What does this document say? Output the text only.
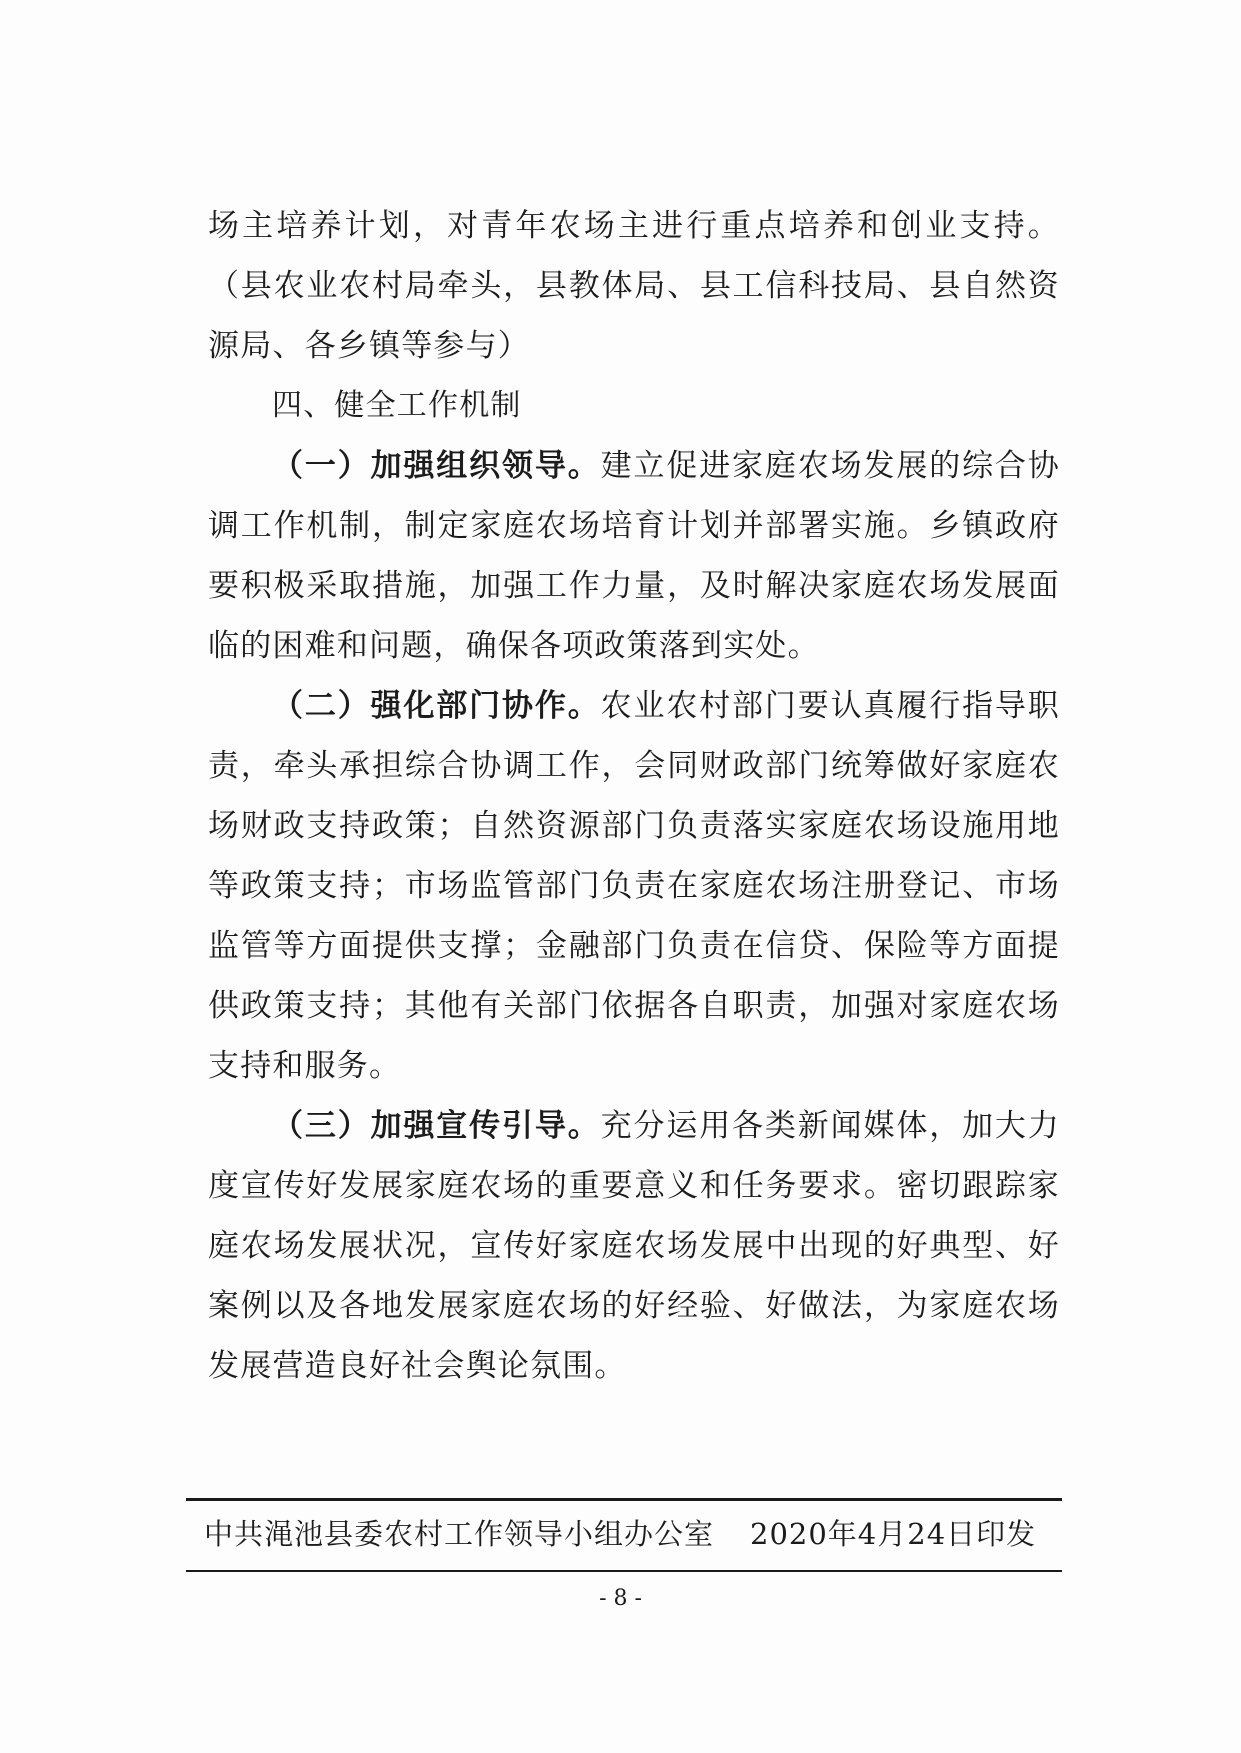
场主培养计划，对青年农场主进行重点培养和创业支持。（县农业农村局牵头，县教体局、县工信科技局、县自然资源局、各乡镇等参与）

四、健全工作机制

（一）加强组织领导。建立促进家庭农场发展的综合协调工作机制，制定家庭农场培育计划并部署实施。乡镇政府要积极采取措施，加强工作力量，及时解决家庭农场发展面临的困难和问题，确保各项政策落到实处。

（二）强化部门协作。农业农村部门要认真履行指导职责，牵头承担综合协调工作，会同财政部门统筹做好家庭农场财政支持政策；自然资源部门负责落实家庭农场设施用地等政策支持；市场监管部门负责在家庭农场注册登记、市场监管等方面提供支撑；金融部门负责在信贷、保险等方面提供政策支持；其他有关部门依据各自职责，加强对家庭农场支持和服务。

（三）加强宣传引导。充分运用各类新闻媒体，加大力度宣传好发展家庭农场的重要意义和任务要求。密切跟踪家庭农场发展状况，宣传好家庭农场发展中出现的好典型、好案例以及各地发展家庭农场的好经验、好做法，为家庭农场发展营造良好社会舆论氛围。

中共渑池县委农村工作领导小组办公室 2020年4月24日印发
- 8 -
